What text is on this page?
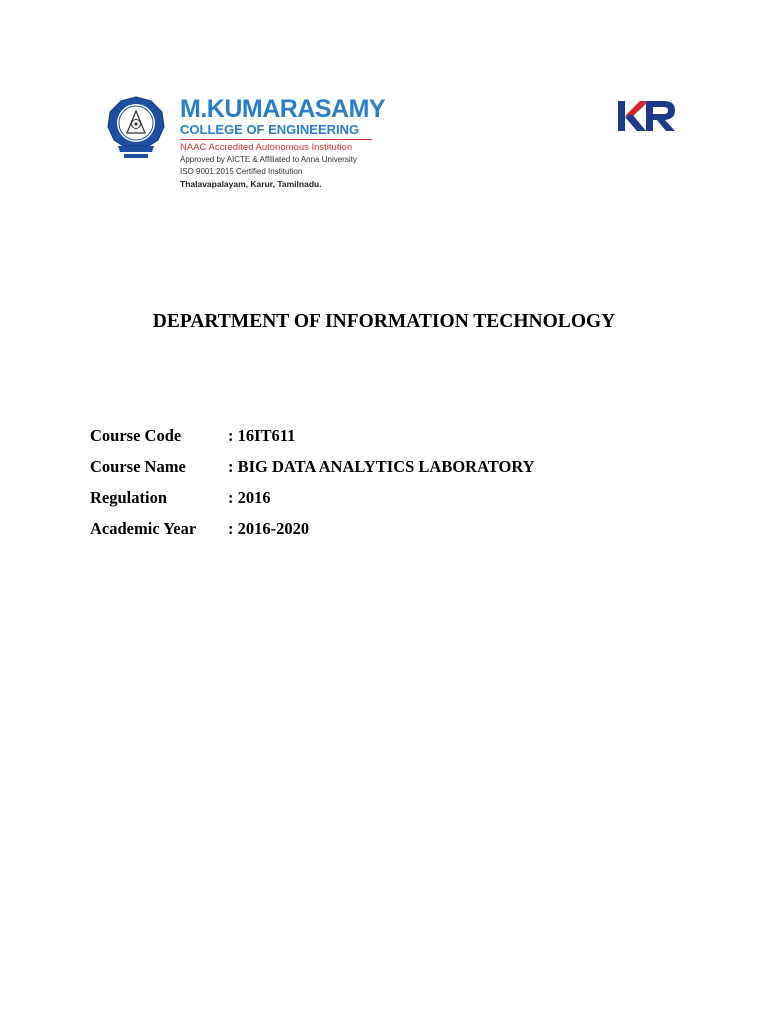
M.KUMARASAMY
COLLEGE OF ENGINEERING
NAAC Accredited Autonomous Institution
Approved by AICTE & Affiliated to Anna University
ISO 9001:2015 Certified Institution
Thalavapalayam, Karur, Tamilnadu.
DEPARTMENT OF INFORMATION TECHNOLOGY
Course Code	: 16IT611
Course Name	: BIG DATA ANALYTICS LABORATORY
Regulation	: 2016
Academic Year	: 2016-2020
